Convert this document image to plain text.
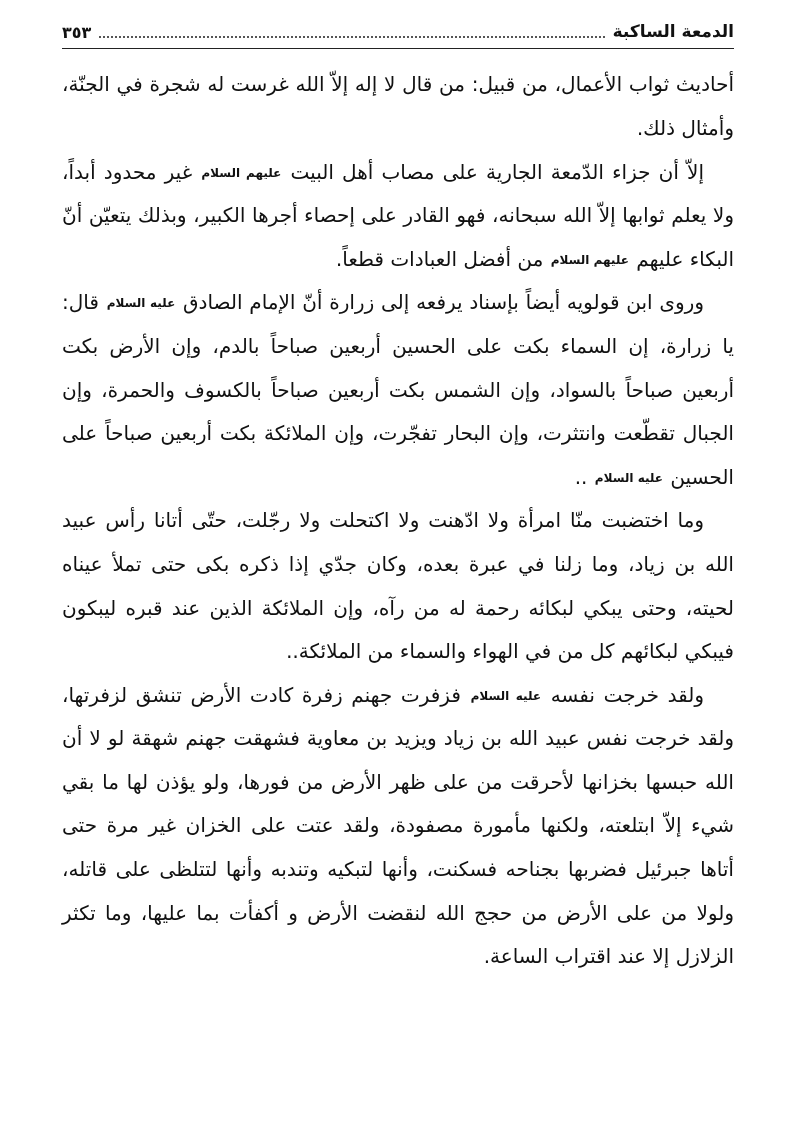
الدمعة الساكبة
٣٥٣

أحاديث ثواب الأعمال، من قبيل: من قال لا إله إلاّ الله غرست له شجرة في الجنّة، وأمثال ذلك.

إلاّ أن جزاء الدّمعة الجارية على مصاب أهل البيت عليهم السلام غير محدود أبداً، ولا يعلم ثوابها إلاّ الله سبحانه، فهو القادر على إحصاء أجرها الكبير، وبذلك يتعيّن أنّ البكاء عليهم عليهم السلام من أفضل العبادات قطعاً.

وروى ابن قولويه أيضاً بإسناد يرفعه إلى زرارة أنّ الإمام الصادق عليه السلام قال: يا زرارة، إن السماء بكت على الحسين أربعين صباحاً بالدم، وإن الأرض بكت أربعين صباحاً بالسواد، وإن الشمس بكت أربعين صباحاً بالكسوف والحمرة، وإن الجبال تقطّعت وانتثرت، وإن البحار تفجّرت، وإن الملائكة بكت أربعين صباحاً على الحسين عليه السلام ..

وما اختضبت منّا امرأة ولا ادّهنت ولا اكتحلت ولا رجّلت، حتّى أتانا رأس عبيد الله بن زياد، وما زلنا في عبرة بعده، وكان جدّي إذا ذكره بكى حتى تملأ عيناه لحيته، وحتى يبكي لبكائه رحمة له من رآه، وإن الملائكة الذين عند قبره ليبكون فيبكي لبكائهم كل من في الهواء والسماء من الملائكة..

ولقد خرجت نفسه عليه السلام فزفرت جهنم زفرة كادت الأرض تنشق لزفرتها، ولقد خرجت نفس عبيد الله بن زياد ويزيد بن معاوية فشهقت جهنم شهقة لو لا أن الله حبسها بخزانها لأحرقت من على ظهر الأرض من فورها، ولو يؤذن لها ما بقي شيء إلاّ ابتلعته، ولكنها مأمورة مصفودة، ولقد عتت على الخزان غير مرة حتى أتاها جبرئيل فضربها بجناحه فسكنت، وأنها لتبكيه وتندبه وأنها لتتلظى على قاتله، ولولا من على الأرض من حجج الله لنقضت الأرض و أكفأت بما عليها، وما تكثر الزلازل إلا عند اقتراب الساعة.
